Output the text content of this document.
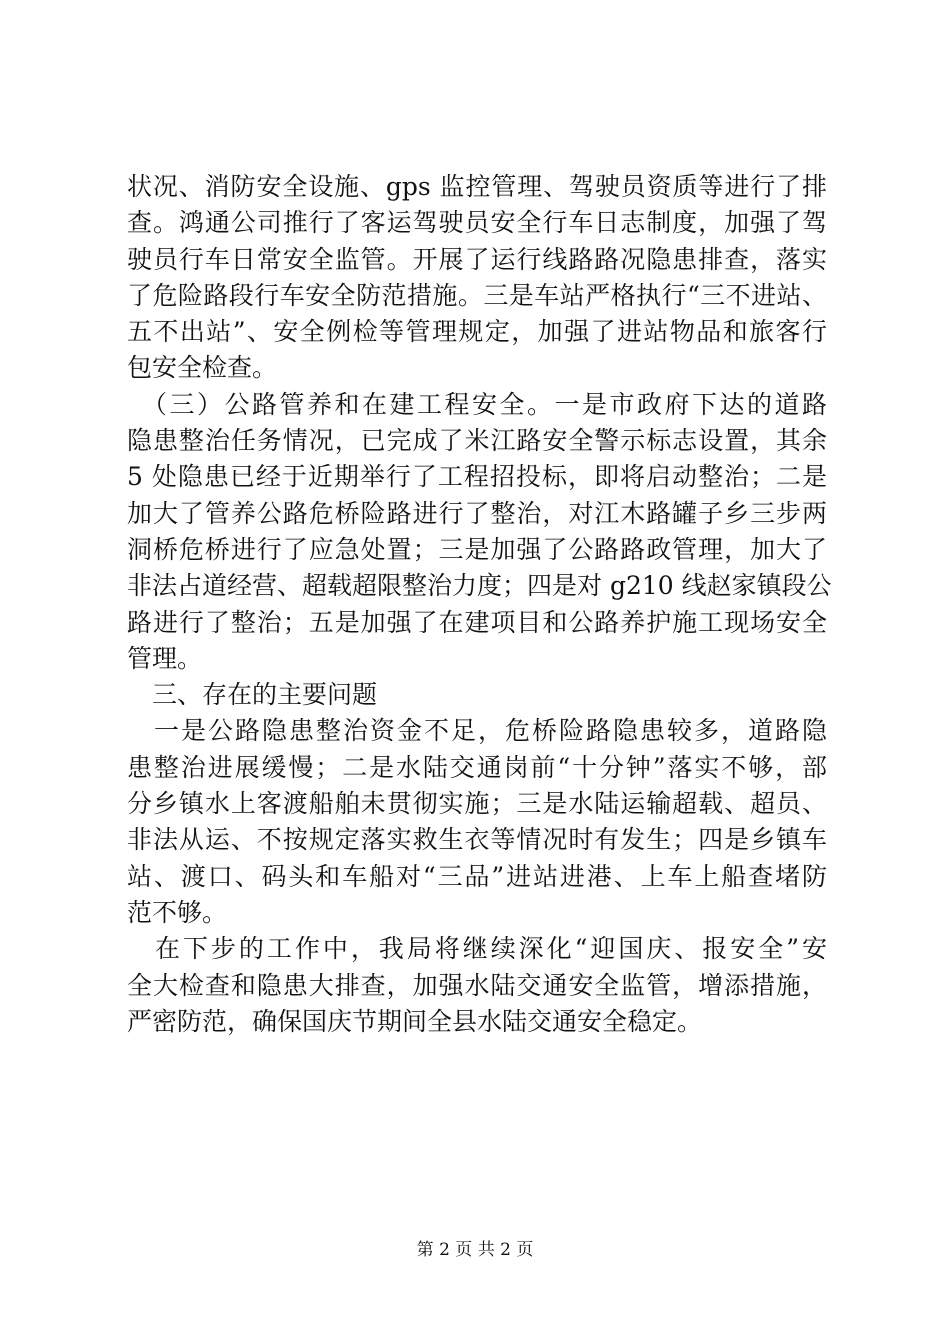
状况、消防安全设施、gps 监控管理、驾驶员资质等进行了排
查。鸿通公司推行了客运驾驶员安全行车日志制度，加强了驾
驶员行车日常安全监管。开展了运行线路路况隐患排查，落实
了危险路段行车安全防范措施。三是车站严格执行“三不进站、
五不出站”、安全例检等管理规定，加强了进站物品和旅客行
包安全检查。
　（三）公路管养和在建工程安全。一是市政府下达的道路
隐患整治任务情况，已完成了米江路安全警示标志设置，其余
5 处隐患已经于近期举行了工程招投标，即将启动整治；二是
加大了管养公路危桥险路进行了整治，对江木路罐子乡三步两
洞桥危桥进行了应急处置；三是加强了公路路政管理，加大了
非法占道经营、超载超限整治力度；四是对 g210 线赵家镇段公
路进行了整治；五是加强了在建项目和公路养护施工现场安全
管理。
　三、存在的主要问题
　一是公路隐患整治资金不足，危桥险路隐患较多，道路隐
患整治进展缓慢；二是水陆交通岗前“十分钟”落实不够，部
分乡镇水上客渡船舶未贯彻实施；三是水陆运输超载、超员、
非法从运、不按规定落实救生衣等情况时有发生；四是乡镇车
站、渡口、码头和车船对“三品”进站进港、上车上船查堵防
范不够。
　在下步的工作中，我局将继续深化“迎国庆、报安全”安
全大检查和隐患大排查，加强水陆交通安全监管，增添措施，
严密防范，确保国庆节期间全县水陆交通安全稳定。
第 2 页 共 2 页
